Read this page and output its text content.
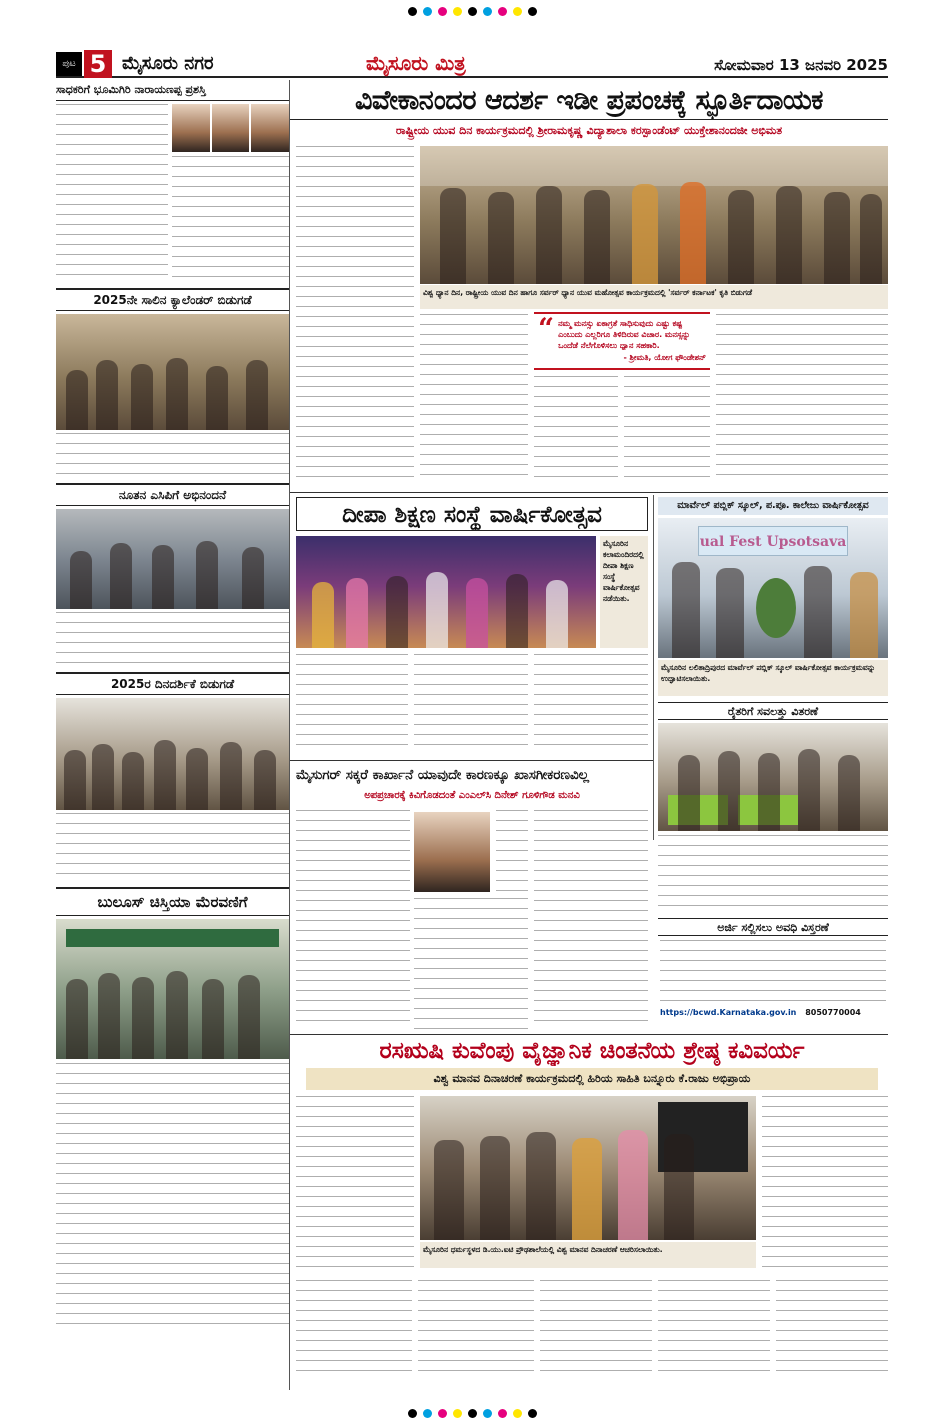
ಪುಟ 5 ಮೈಸೂರು ನಗರ	ಮೈಸೂರು ಮಿತ್ರ	ಸೋಮವಾರ 13 ಜನವರಿ 2025
ಸಾಧಕರಿಗೆ ಭೂಮಿಗಿರಿ ನಾರಾಯಣಪ್ಪ ಪ್ರಶಸ್ತಿ
2025ನೇ ಸಾಲಿನ ಕ್ಯಾಲೆಂಡರ್ ಬಿಡುಗಡೆ
ನೂತನ ಎಸಿಪಿಗೆ ಅಭಿನಂದನೆ
2025ರ ದಿನದರ್ಶಿಕೆ ಬಿಡುಗಡೆ
ಬುಲೂಸ್ ಚಿಸ್ತಿಯಾ ಮೆರವಣಿಗೆ
ವಿವೇಕಾನಂದರ ಆದರ್ಶ ಇಡೀ ಪ್ರಪಂಚಕ್ಕೆ ಸ್ಫೂರ್ತಿದಾಯಕ
ರಾಷ್ಟ್ರೀಯ ಯುವ ದಿನ ಕಾರ್ಯಕ್ರಮದಲ್ಲಿ ಶ್ರೀರಾಮಕೃಷ್ಣ ವಿದ್ಯಾಶಾಲಾ ಕರಸ್ಪಾಂಡೆಂಟ್ ಯುಕ್ತೇಶಾನಂದಜೀ ಅಭಿಮತ
ವಿಶ್ವ ಧ್ಯಾನ ದಿನ, ರಾಷ್ಟ್ರೀಯ ಯುವ ದಿನ ಹಾಗೂ ಸರ್ವರ್ ಧ್ಯಾನ ಯುವ ಮಹೋತ್ಸವ ಕಾರ್ಯಕ್ರಮದಲ್ಲಿ 'ಸರ್ವರ್ ಕರ್ನಾಟಕ' ಕೃತಿ ಬಿಡುಗಡೆ
“ ನಮ್ಮ ಮನಸ್ಸು ಏಕಾಗ್ರತೆ ಸಾಧಿಸುವುದು ಎಷ್ಟು ಕಷ್ಟ ಎಂಬುದು ಎಲ್ಲರಿಗೂ ತಿಳಿದಿರುವ ವಿಚಾರ. ಮನಸ್ಸನ್ನು ಒಂದೆಡೆ ನೆಲೆಗೊಳಿಸಲು ಧ್ಯಾನ ಸಹಕಾರಿ.
- ಶ್ರೀಮತಿ, ಯೋಗ ಫೌಂಡೇಶನ್
ದೀಪಾ ಶಿಕ್ಷಣ ಸಂಸ್ಥೆ ವಾರ್ಷಿಕೋತ್ಸವ
ಮೈಸೂರಿನ ಕಲಾಮಂದಿರದಲ್ಲಿ ದೀಪಾ ಶಿಕ್ಷಣ ಸಂಸ್ಥೆ ವಾರ್ಷಿಕೋತ್ಸವ ನಡೆಯಿತು.
ಮಾರ್ವೆಲ್ ಪಬ್ಲಿಕ್ ಸ್ಕೂಲ್, ಪ.ಪೂ. ಕಾಲೇಜು ವಾರ್ಷಿಕೋತ್ಸವ
ual Fest Upsotsava
ಮೈಸೂರಿನ ಲಲಿತಾದ್ರಿಪುರದ ಮಾರ್ವೆಲ್ ಪಬ್ಲಿಕ್ ಸ್ಕೂಲ್ ವಾರ್ಷಿಕೋತ್ಸವ ಕಾರ್ಯಕ್ರಮವನ್ನು ಉದ್ಘಾಟಿಸಲಾಯಿತು.
ರೈತರಿಗೆ ಸವಲತ್ತು ವಿತರಣೆ
ಮೈಸುಗರ್ ಸಕ್ಕರೆ ಕಾರ್ಖಾನೆ ಯಾವುದೇ ಕಾರಣಕ್ಕೂ ಖಾಸಗೀಕರಣವಿಲ್ಲ
ಅಪಪ್ರಚಾರಕ್ಕೆ ಕಿವಿಗೊಡದಂತೆ ಎಂಎಲ್‌ಸಿ ದಿನೇಶ್ ಗೂಳಿಗೌಡ ಮನವಿ
ಅರ್ಜಿ ಸಲ್ಲಿಸಲು ಅವಧಿ ವಿಸ್ತರಣೆ
https://bcwd.Karnataka.gov.in 8050770004
ರಸಋಷಿ ಕುವೆಂಪು ವೈಜ್ಞಾನಿಕ ಚಿಂತನೆಯ ಶ್ರೇಷ್ಠ ಕವಿವರ್ಯ
ವಿಶ್ವ ಮಾನವ ದಿನಾಚರಣೆ ಕಾರ್ಯಕ್ರಮದಲ್ಲಿ ಹಿರಿಯ ಸಾಹಿತಿ ಬನ್ನೂರು ಕೆ.ರಾಜು ಅಭಿಪ್ರಾಯ
ಮೈಸೂರಿನ ಧರ್ಮಸ್ಥಳದ ಡಿ.ಯು.ಐಟಿ ಪ್ರೌಢಶಾಲೆಯಲ್ಲಿ ವಿಶ್ವ ಮಾನವ ದಿನಾಚರಣೆ ಆಚರಿಸಲಾಯಿತು.
